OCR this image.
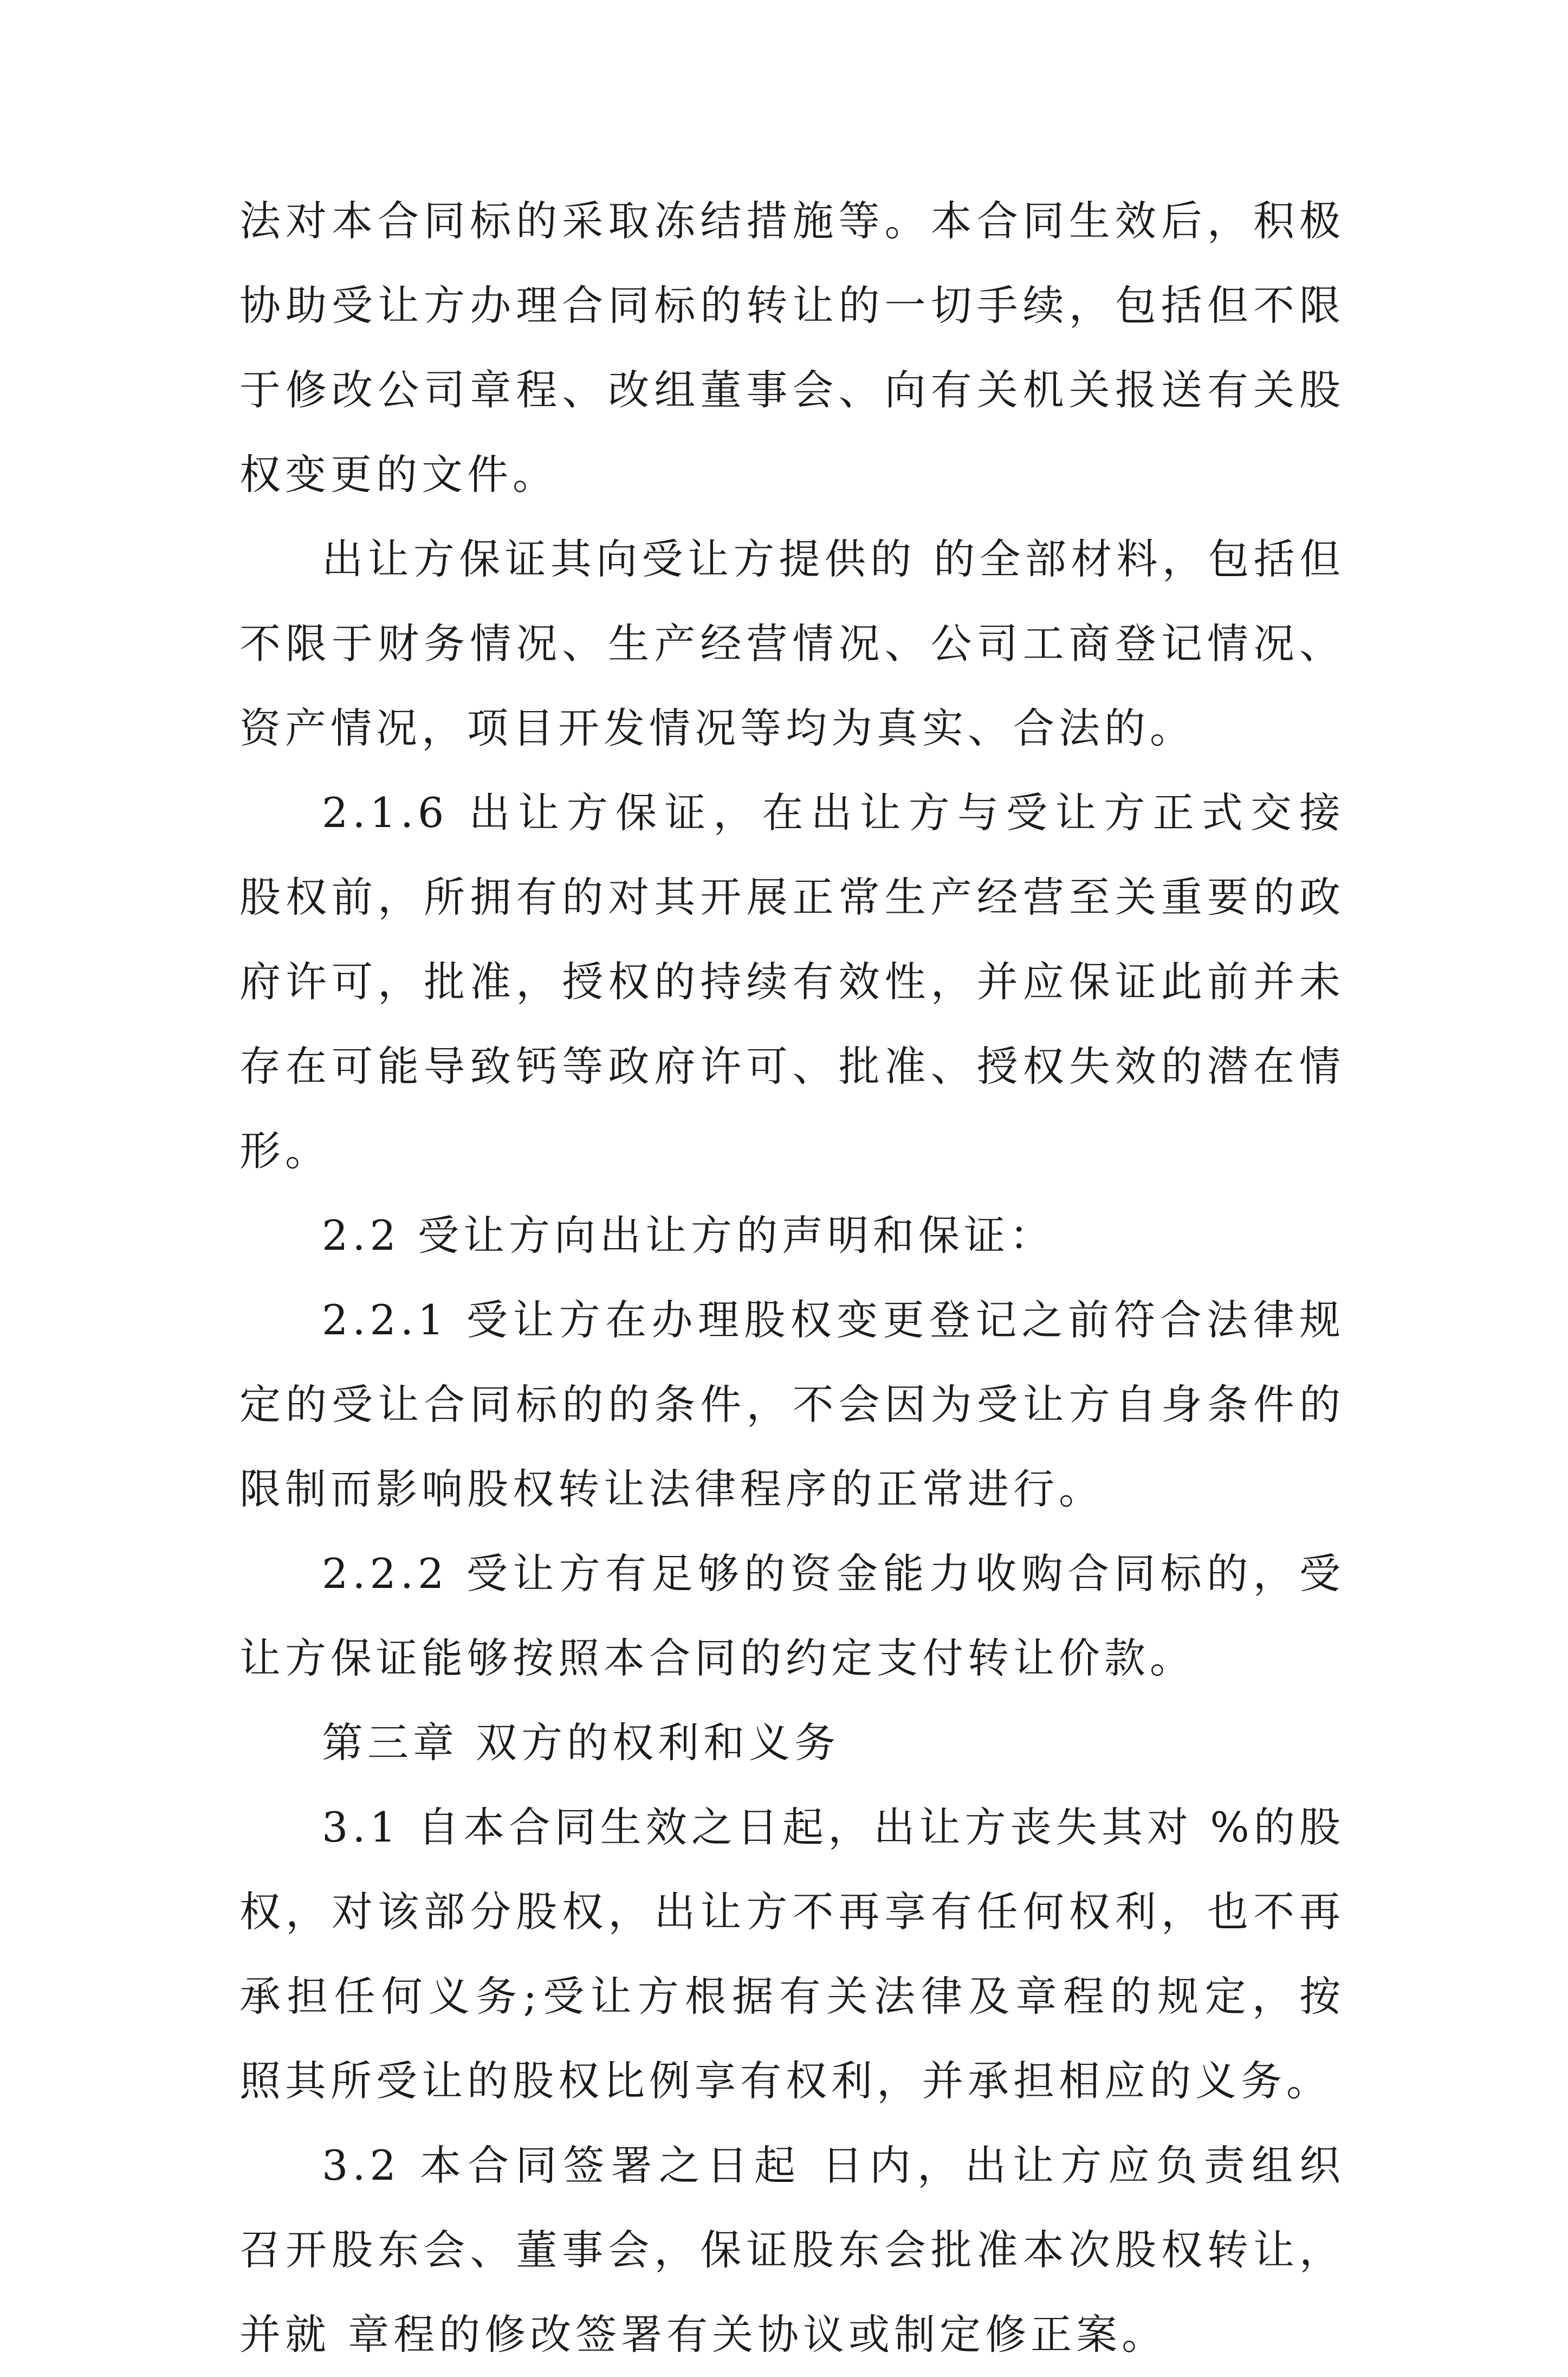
法对本合同标的采取冻结措施等。本合同生效后，积极协助受让方办理合同标的转让的一切手续，包括但不限于修改公司章程、改组董事会、向有关机关报送有关股权变更的文件。

出让方保证其向受让方提供的 的全部材料，包括但不限于财务情况、生产经营情况、公司工商登记情况、资产情况，项目开发情况等均为真实、合法的。

2.1.6 出让方保证，在出让方与受让方正式交接 股权前，所拥有的对其开展正常生产经营至关重要的政府许可，批准，授权的持续有效性，并应保证此前并未存在可能导致钙等政府许可、批准、授权失效的潜在情形。

2.2 受让方向出让方的声明和保证：

2.2.1 受让方在办理股权变更登记之前符合法律规定的受让合同标的的条件，不会因为受让方自身条件的限制而影响股权转让法律程序的正常进行。

2.2.2 受让方有足够的资金能力收购合同标的，受让方保证能够按照本合同的约定支付转让价款。

第三章 双方的权利和义务

3.1 自本合同生效之日起，出让方丧失其对 %的股权，对该部分股权，出让方不再享有任何权利，也不再承担任何义务;受让方根据有关法律及章程的规定，按照其所受让的股权比例享有权利，并承担相应的义务。

3.2 本合同签署之日起 日内，出让方应负责组织召开股东会、董事会，保证股东会批准本次股权转让，并就 章程的修改签署有关协议或制定修正案。
